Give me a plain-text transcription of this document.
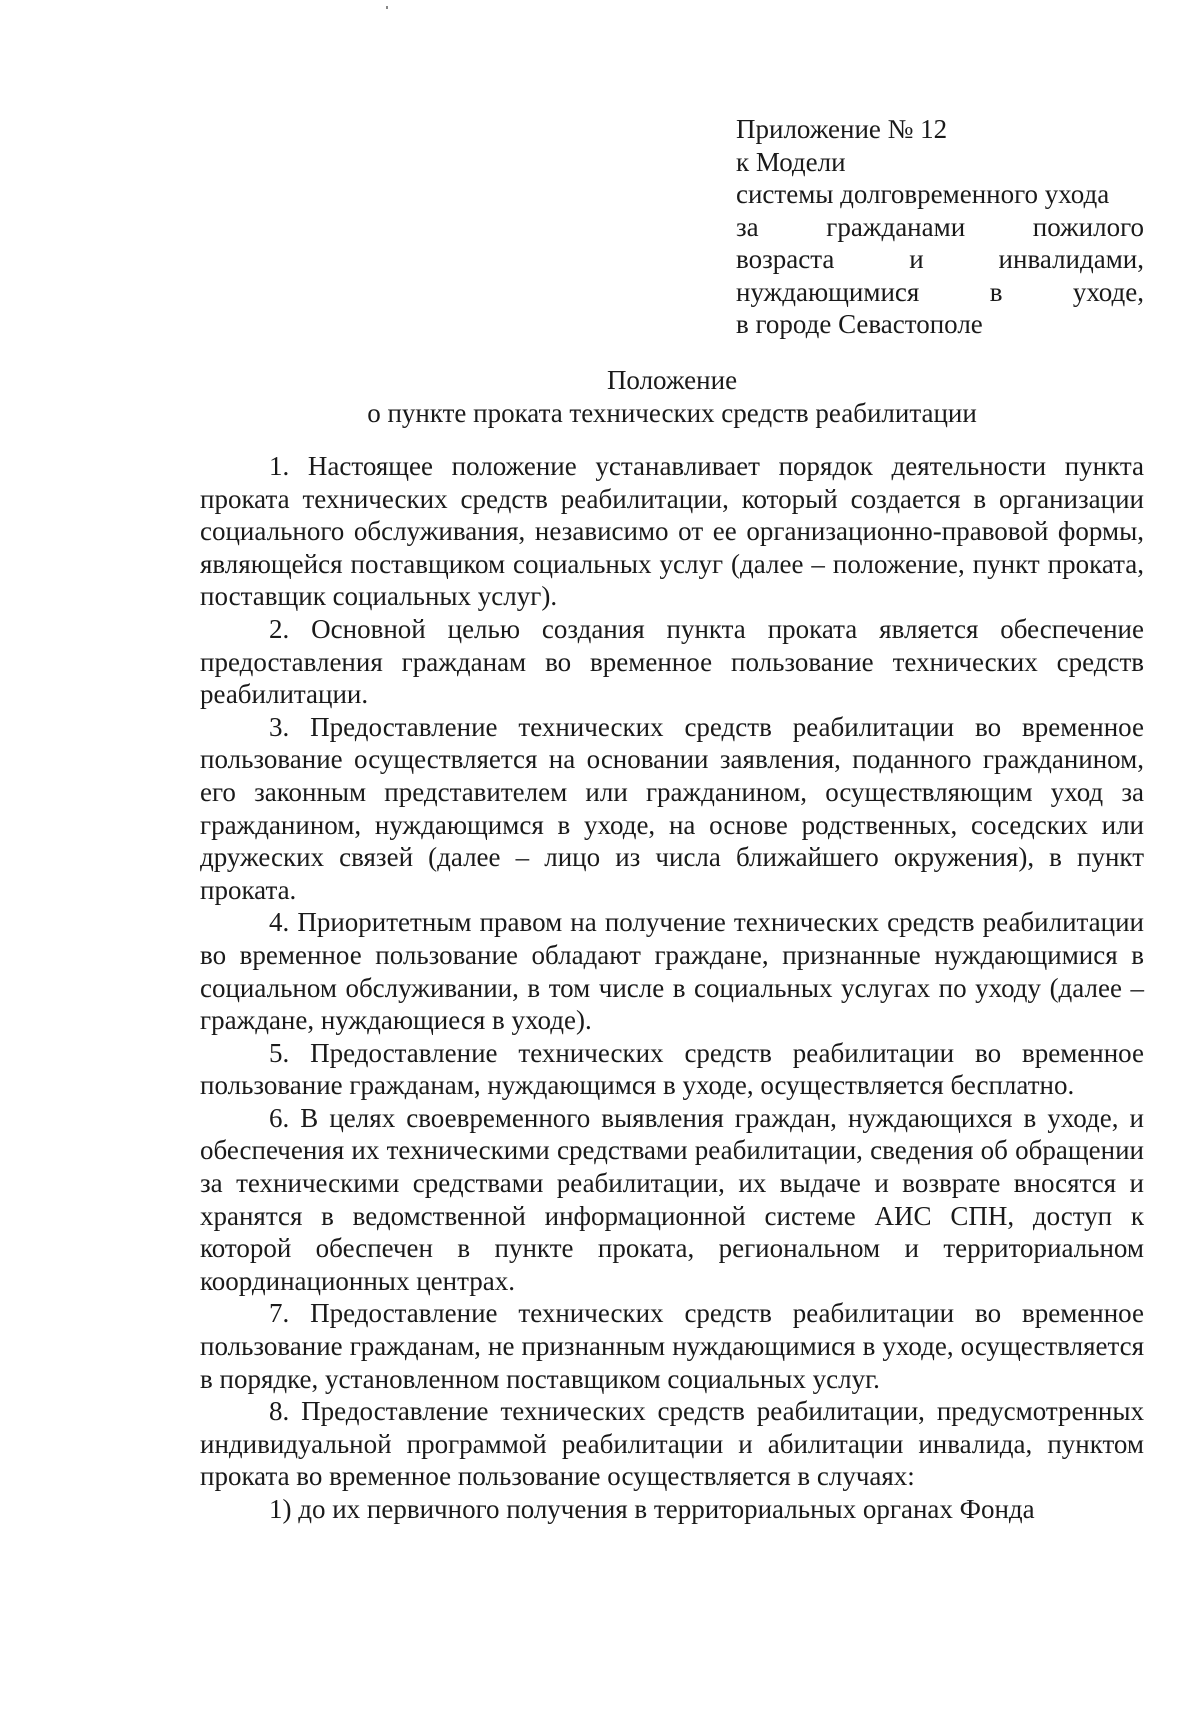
Приложение № 12
к Модели
системы долговременного ухода
за гражданами пожилого
возраста и инвалидами,
нуждающимися в уходе,
в городе Севастополе
Положение
о пункте проката технических средств реабилитации

1. Настоящее положение устанавливает порядок деятельности пункта проката технических средств реабилитации, который создается в организации социального обслуживания, независимо от ее организационно-правовой формы, являющейся поставщиком социальных услуг (далее – положение, пункт проката, поставщик социальных услуг).

2. Основной целью создания пункта проката является обеспечение предоставления гражданам во временное пользование технических средств реабилитации.

3. Предоставление технических средств реабилитации во временное пользование осуществляется на основании заявления, поданного гражданином, его законным представителем или гражданином, осуществляющим уход за гражданином, нуждающимся в уходе, на основе родственных, соседских или дружеских связей (далее – лицо из числа ближайшего окружения), в пункт проката.

4. Приоритетным правом на получение технических средств реабилитации во временное пользование обладают граждане, признанные нуждающимися в социальном обслуживании, в том числе в социальных услугах по уходу (далее – граждане, нуждающиеся в уходе).

5. Предоставление технических средств реабилитации во временное пользование гражданам, нуждающимся в уходе, осуществляется бесплатно.

6. В целях своевременного выявления граждан, нуждающихся в уходе, и обеспечения их техническими средствами реабилитации, сведения об обращении за техническими средствами реабилитации, их выдаче и возврате вносятся и хранятся в ведомственной информационной системе АИС СПН, доступ к которой обеспечен в пункте проката, региональном и территориальном координационных центрах.

7. Предоставление технических средств реабилитации во временное пользование гражданам, не признанным нуждающимися в уходе, осуществляется в порядке, установленном поставщиком социальных услуг.

8. Предоставление технических средств реабилитации, предусмотренных индивидуальной программой реабилитации и абилитации инвалида, пунктом проката во временное пользование осуществляется в случаях:

1) до их первичного получения в территориальных органах Фонда
